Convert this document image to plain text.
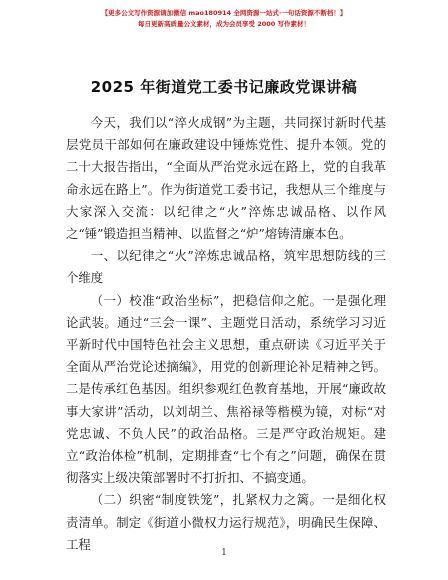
【更多公文写作资源请加微信 mao180914 全网资源一站式·一句话资源不断档！】
每日更新高质量公文素材，成为会员享受 2000 写作素材！
2025 年街道党工委书记廉政党课讲稿

今天，我们以“淬火成钢”为主题，共同探讨新时代基层党员干部如何在廉政建设中锤炼党性、提升本领。党的二十大报告指出，“全面从严治党永远在路上，党的自我革命永远在路上”。作为街道党工委书记，我想从三个维度与大家深入交流：以纪律之“火”淬炼忠诚品格、以作风之“锤”锻造担当精神、以监督之“炉”熔铸清廉本色。

一、以纪律之“火”淬炼忠诚品格，筑牢思想防线的三个维度

（一）校准“政治坐标”，把稳信仰之舵。一是强化理论武装。通过“三会一课”、主题党日活动，系统学习习近平新时代中国特色社会主义思想，重点研读《习近平关于全面从严治党论述摘编》，用党的创新理论补足精神之钙。二是传承红色基因。组织参观红色教育基地，开展“廉政故事大家讲”活动，以刘胡兰、焦裕禄等楷模为镜，对标“对党忠诚、不负人民”的政治品格。三是严守政治规矩。建立“政治体检”机制，定期排查“七个有之”问题，确保在贯彻落实上级决策部署时不打折扣、不搞变通。

（二）织密“制度铁笼”，扎紧权力之篱。一是细化权责清单。制定《街道小微权力运行规范》，明确民生保障、工程

1
